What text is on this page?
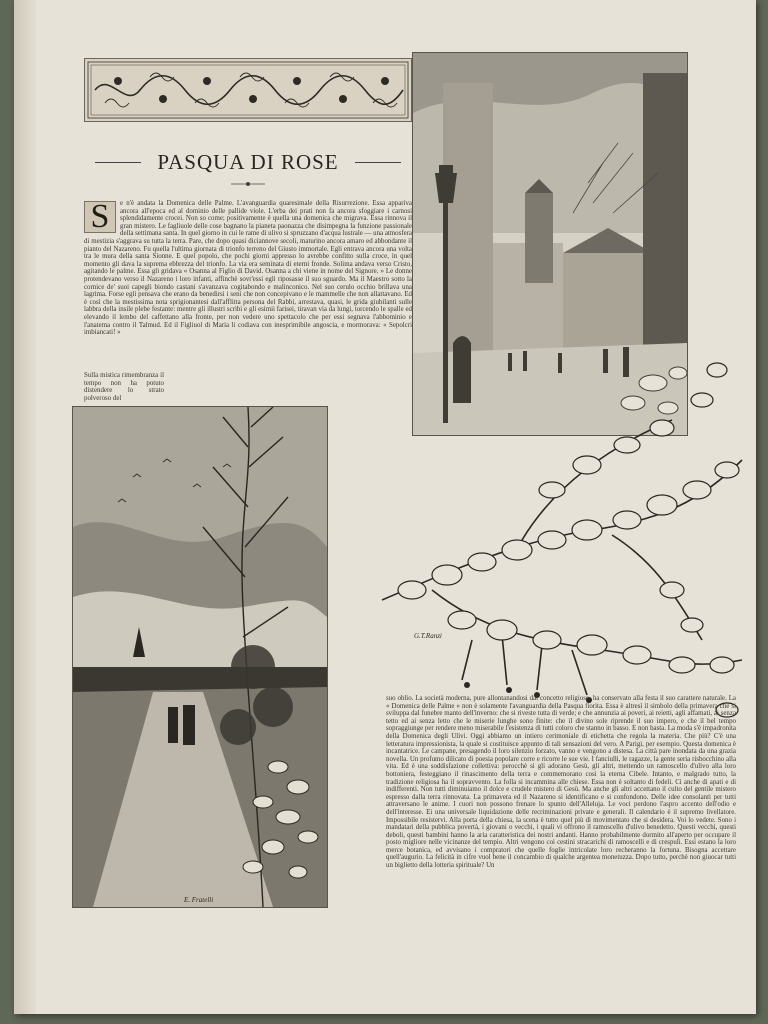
PASQUA DI ROSE
S	e n'è andata la Domenica delle Palme. L'avanguardia quaresimale della Risurrezione. Essa appariva ancora all'epoca ed al dominio delle pallide viole. L'erba dei prati non fa ancora sfoggiare i carnosi splendidamente crocei. Non so come; positivamente è quella una domenica che migrava. Essa rinnova il gran mistero. Le fagliuole delle cose bagnano la pianeta paonazza che disimpegna la funzione passionale della settimana santa. In quel giorno in cui le rame di ulivo si spruzzano d'acqua lustrale — una atmosfera di mestizia s'aggrava su tutta la terra. Pare, che dopo quasi diciannove secoli, maturino ancora amaro ed abbondante il pianto del Nazareno. Fu quella l'ultima giornata di trionfo terreno del Giusto immortale. Egli entrava ancora una volta tra le mura della santa Sionne. E quel popolo, che pochi giorni appresso lo avrebbe confitto sulla croce, in quel momento gli dava la suprema ebbrezza del trionfo. La via era seminata di eterni fronde. Solima andava verso Cristo, agitando le palme. Essa gli gridava « Osanna al Figlio di David. Osanna a chi viene in nome del Signore. » Le donne protendevano verso il Nazareno i loro infanti, affinchè sovr'essi egli riposasse il suo sguardo. Ma il Maestro sotto la cornice de' suoi capegli biondo castani s'avanzava cogitabondo e malinconico. Nel suo cerulo occhio brillava una lagrima. Forse egli pensava che erano da benedirsi i seni che non concepivano e le mammelle che non allattavano. Ed è così che la mestissima nota sprigionantesi dall'afflitta persona del Rabbi, arrestava, quasi, le grida giubilanti sulle labbra della insile plebe festante: mentre gli illustri scribi e gli esimii farisei, tiravan via da lungi, torcendo le spalle ed elevando il lembo del caffettano alla fronte, per non vedere uno spettacolo che per essi segnava l'abbominio e l'anatema contro il Talmud. Ed il Figliuol di Maria li codiava con inesprimibile angoscia, e mormorava: « Sepolcri imbiancati! »
Sulla mistica rimembranza il tempo non ha potuto distendere lo strato polveroso del
G.T.Ranzi
E. Fratelli
suo oblio. La società moderna, pure allontanandosi dal concetto religioso, ha conservato alla festa il suo carattere naturale. La « Domenica delle Palme » non è solamente l'avanguardia della Pasqua fiorita. Essa è altresì il simbolo della primavera che si sviluppa dal funebre manto dell'inverno: che si riveste tutta di verde; e che annunzia ai poveri, ai reietti, agli affamati, ai senza tetto ed ai senza letto che le miserie lunghe sono finite: che il divino sole riprende il suo impero, e che il bel tempo sopraggiunge per rendere meno miserabile l'esistenza di tutti coloro che stanno in basso. E non basta. La moda s'è impadronita della Domenica degli Ulivi. Oggi abbiamo un intiero cerimoniale di etichetta che regola la materia. Che più? C'è una letteratura impressionista, la quale si costituisce appunto di tali sensazioni del vero. A Parigi, per esempio. Questa domenica è incantatrice. Le campane, presagendo il loro silenzio forzato, vanno e vengono a distesa. La città pare inondata da una grazia novella. Un profumo dilicato di poesia popolare corre e ricorre le sue vie. I fanciulli, le ragazze, la gente seria risbocchino alla vita. Ed è una soddisfazione collettiva: perocchè si gli adorano Gesù, gli altri, mettendo un ramoscello d'ulivo alla loro bottoniera, festeggiano il rinascimento della terra e commemorano cosi la eterna Cibele. Intanto, e malgrado tutto, la tradizione religiosa ha il sopravvento. La folla si incammina alle chiese. Essa non è soltanto di fedeli. Ci anche di apati e di indifferenti. Non tutti diminuiamo il dolce e crudele mistero di Gesù. Ma anche gli altri accettano il culto del gentile mistero espresso dalla terra rinnovata. La primavera ed il Nazareno si identificano e si confondono. Delle idee consolanti per tutti attraversano le anime. I cuori non possono frenare lo spunto dell'Alleluja. Le voci perdono l'aspro accento dell'odio e dell'interesse. Ei una universale liquidazione delle recriminazioni private e generali. Il calendario è il supremo livellatore. Impossibile resistervi. Alla porta della chiesa, la scena è tutto quel più di movimentato che si desidera. Voi lo vedete. Sono i mandatari della pubblica povertà, i giovani o vecchi, i quali vi offrono il ramoscello d'ulivo benedetto. Questi vecchi, questi deboli, questi bambini hanno la aria caratteristica dei nostri andanti. Hanno probabilmente dormito all'aperto per occupare il posto migliore nelle vicinanze del tempio. Altri vengono coi cestini stracarichi di ramoscelli e di crespuli. Essi estano la loro merce botanica, ed avvisano i compratori che quelle foglie intricolate loro recheranno la fortuna. Bisogna accettare quell'augurio. La felicità in cifre vuol bene il concambio di qualche argentea monetuzza. Dopo tutto, perchè non giuocar tutti un biglietto della lotteria spirituale? Un
